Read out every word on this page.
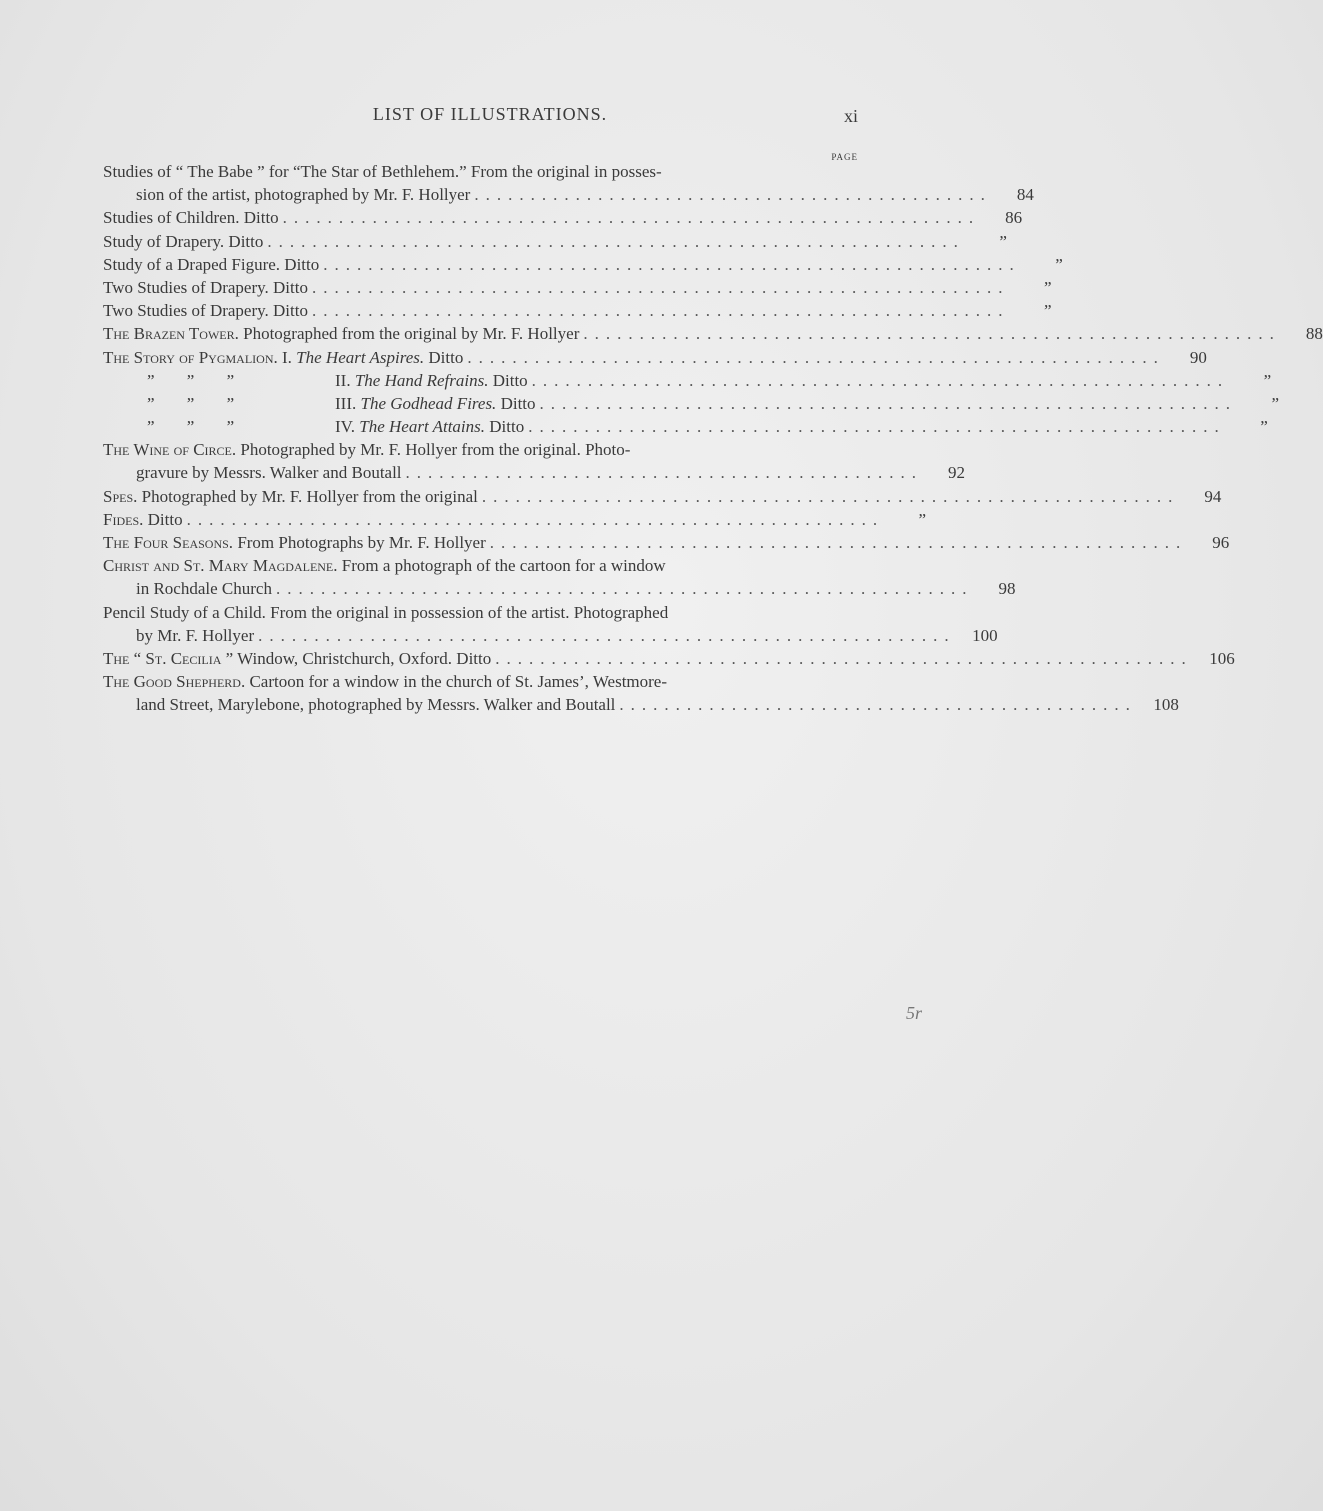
LIST OF ILLUSTRATIONS.	xi
PAGE
Studies of “ The Babe ” for “The Star of Bethlehem.” From the original in posses-
sion of the artist, photographed by Mr. F. Hollyer ..............................................	84
Studies of Children. Ditto ..............................................................	86
Study of Drapery. Ditto ..............................................................	”
Study of a Draped Figure. Ditto ..............................................................	”
Two Studies of Drapery. Ditto ..............................................................	”
Two Studies of Drapery. Ditto ..............................................................	”
The Brazen Tower. Photographed from the original by Mr. F. Hollyer ..............................................................	88
The Story of Pygmalion. I. The Heart Aspires. Ditto ..............................................................	90
” ” ”	II. The Hand Refrains. Ditto ..............................................................	”
” ” ”	III. The Godhead Fires. Ditto ..............................................................	”
” ” ”	IV. The Heart Attains. Ditto ..............................................................	”
The Wine of Circe. Photographed by Mr. F. Hollyer from the original. Photo-
gravure by Messrs. Walker and Boutall ..............................................	92
Spes. Photographed by Mr. F. Hollyer from the original ..............................................................	94
Fides. Ditto ..............................................................	”
The Four Seasons. From Photographs by Mr. F. Hollyer ..............................................................	96
Christ and St. Mary Magdalene. From a photograph of the cartoon for a window
in Rochdale Church ..............................................................	98
Pencil Study of a Child. From the original in possession of the artist. Photographed
by Mr. F. Hollyer .............................................................. 100
The “ St. Cecilia ” Window, Christchurch, Oxford. Ditto .............................................................. 106
The Good Shepherd. Cartoon for a window in the church of St. James’, Westmore-
land Street, Marylebone, photographed by Messrs. Walker and Boutall .............................................. 108
5r
